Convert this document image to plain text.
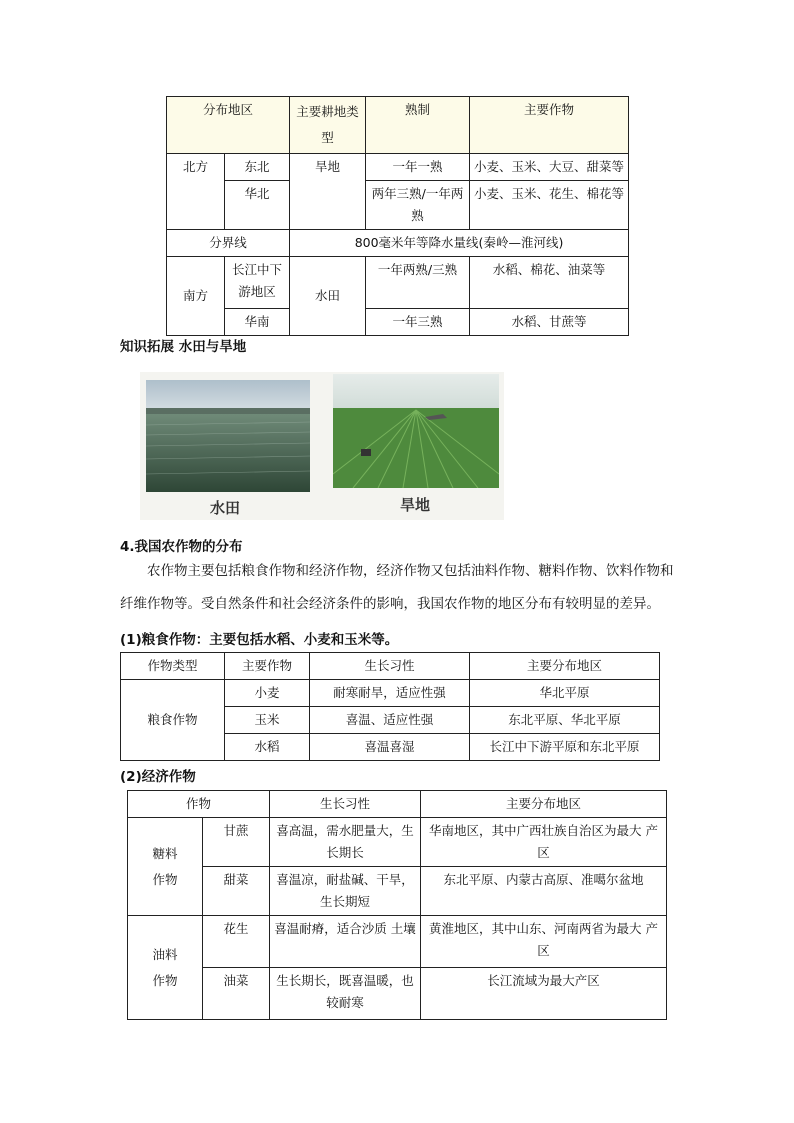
分布地区		主要耕地类型	熟制	主要作物
北方	东北	旱地	一年一熟	小麦、玉米、大豆、甜菜等
	华北		两年三熟/一年两熟	小麦、玉米、花生、棉花等
分界线		800毫米年等降水量线(秦岭—淮河线)		
南方	长江中下游地区	水田	一年两熟/三熟	水稻、棉花、油菜等
	华南		一年三熟	水稻、甘蔗等
知识拓展 水田与旱地
水田	旱地
4.我国农作物的分布
农作物主要包括粮食作物和经济作物，经济作物又包括油料作物、糖料作物、饮料作物和纤维作物等。受自然条件和社会经济条件的影响，我国农作物的地区分布有较明显的差异。
(1)粮食作物：主要包括水稻、小麦和玉米等。
作物类型	主要作物	生长习性	主要分布地区
粮食作物	小麦	耐寒耐旱，适应性强	华北平原
	玉米	喜温、适应性强	东北平原、华北平原
	水稻	喜温喜湿	长江中下游平原和东北平原
(2)经济作物
作物		生长习性	主要分布地区

糖料作物	甘蔗	喜高温，需水肥量大，生长期长	华南地区，其中广西壮族自治区为最大 产区
	甜菜	喜温凉，耐盐碱、干旱，生长期短	东北平原、内蒙古高原、准噶尔盆地

油料作物	花生	喜温耐瘠，适合沙质 土壤	黄淮地区，其中山东、河南两省为最大 产区
	油菜	生长期长，既喜温暖，也较耐寒	长江流域为最大产区
